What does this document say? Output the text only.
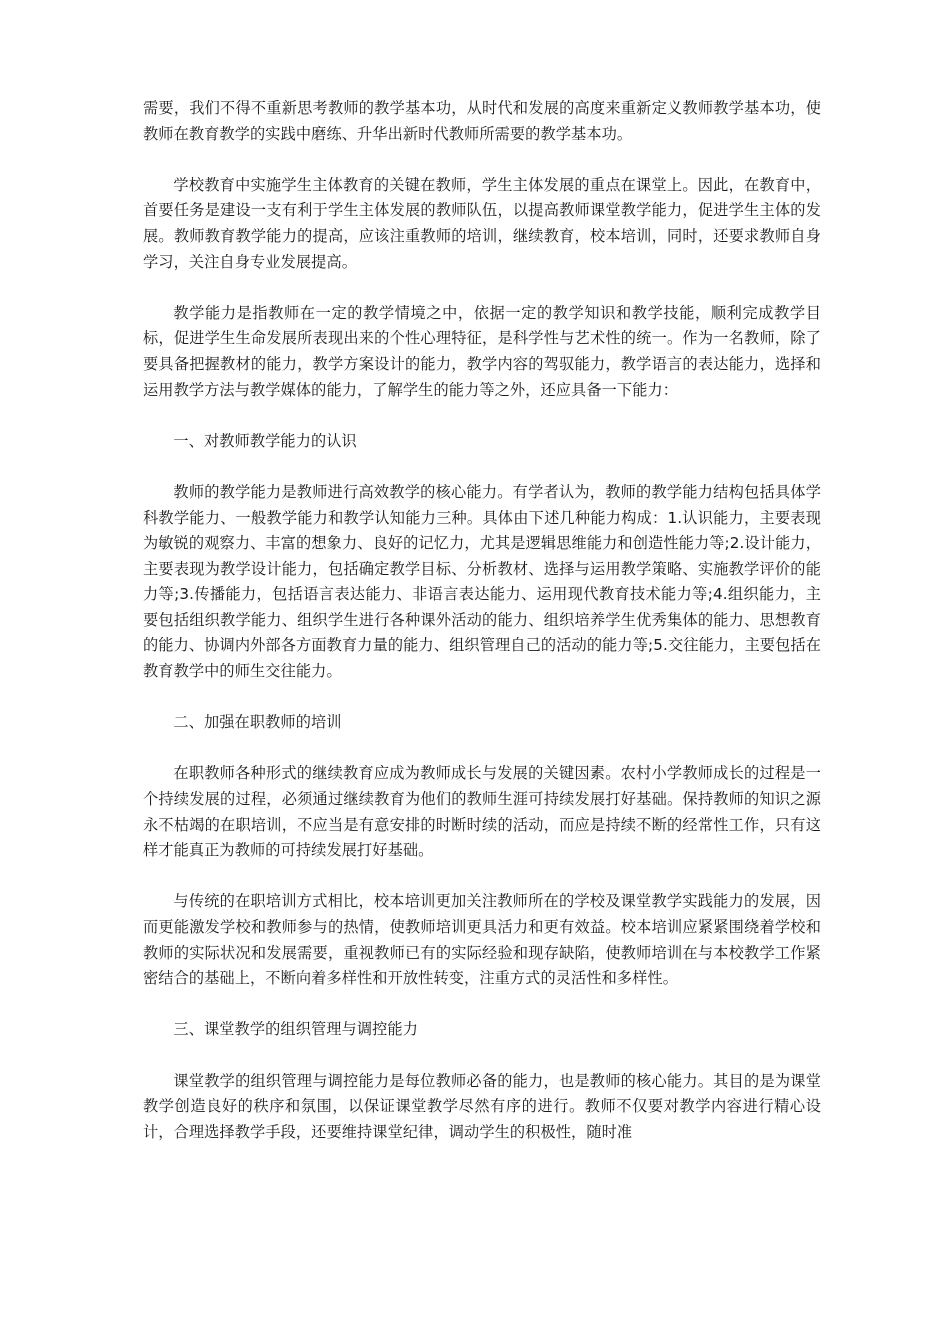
需要，我们不得不重新思考教师的教学基本功，从时代和发展的高度来重新定义教师教学基本功，使教师在教育教学的实践中磨练、升华出新时代教师所需要的教学基本功。

学校教育中实施学生主体教育的关键在教师，学生主体发展的重点在课堂上。因此，在教育中，首要任务是建设一支有利于学生主体发展的教师队伍，以提高教师课堂教学能力，促进学生主体的发展。教师教育教学能力的提高，应该注重教师的培训，继续教育，校本培训，同时，还要求教师自身学习，关注自身专业发展提高。

教学能力是指教师在一定的教学情境之中，依据一定的教学知识和教学技能，顺利完成教学目标，促进学生生命发展所表现出来的个性心理特征，是科学性与艺术性的统一。作为一名教师，除了要具备把握教材的能力，教学方案设计的能力，教学内容的驾驭能力，教学语言的表达能力，选择和运用教学方法与教学媒体的能力，了解学生的能力等之外，还应具备一下能力：

一、对教师教学能力的认识

教师的教学能力是教师进行高效教学的核心能力。有学者认为，教师的教学能力结构包括具体学科教学能力、一般教学能力和教学认知能力三种。具体由下述几种能力构成：1.认识能力，主要表现为敏锐的观察力、丰富的想象力、良好的记忆力，尤其是逻辑思维能力和创造性能力等;2.设计能力，主要表现为教学设计能力，包括确定教学目标、分析教材、选择与运用教学策略、实施教学评价的能力等;3.传播能力，包括语言表达能力、非语言表达能力、运用现代教育技术能力等;4.组织能力，主要包括组织教学能力、组织学生进行各种课外活动的能力、组织培养学生优秀集体的能力、思想教育的能力、协调内外部各方面教育力量的能力、组织管理自己的活动的能力等;5.交往能力，主要包括在教育教学中的师生交往能力。

二、加强在职教师的培训

在职教师各种形式的继续教育应成为教师成长与发展的关键因素。农村小学教师成长的过程是一个持续发展的过程，必须通过继续教育为他们的教师生涯可持续发展打好基础。保持教师的知识之源永不枯竭的在职培训，不应当是有意安排的时断时续的活动，而应是持续不断的经常性工作，只有这样才能真正为教师的可持续发展打好基础。

与传统的在职培训方式相比，校本培训更加关注教师所在的学校及课堂教学实践能力的发展，因而更能激发学校和教师参与的热情，使教师培训更具活力和更有效益。校本培训应紧紧围绕着学校和教师的实际状况和发展需要，重视教师已有的实际经验和现存缺陷，使教师培训在与本校教学工作紧密结合的基础上，不断向着多样性和开放性转变，注重方式的灵活性和多样性。

三、课堂教学的组织管理与调控能力

课堂教学的组织管理与调控能力是每位教师必备的能力，也是教师的核心能力。其目的是为课堂教学创造良好的秩序和氛围，以保证课堂教学尽然有序的进行。教师不仅要对教学内容进行精心设计，合理选择教学手段，还要维持课堂纪律，调动学生的积极性，随时准
